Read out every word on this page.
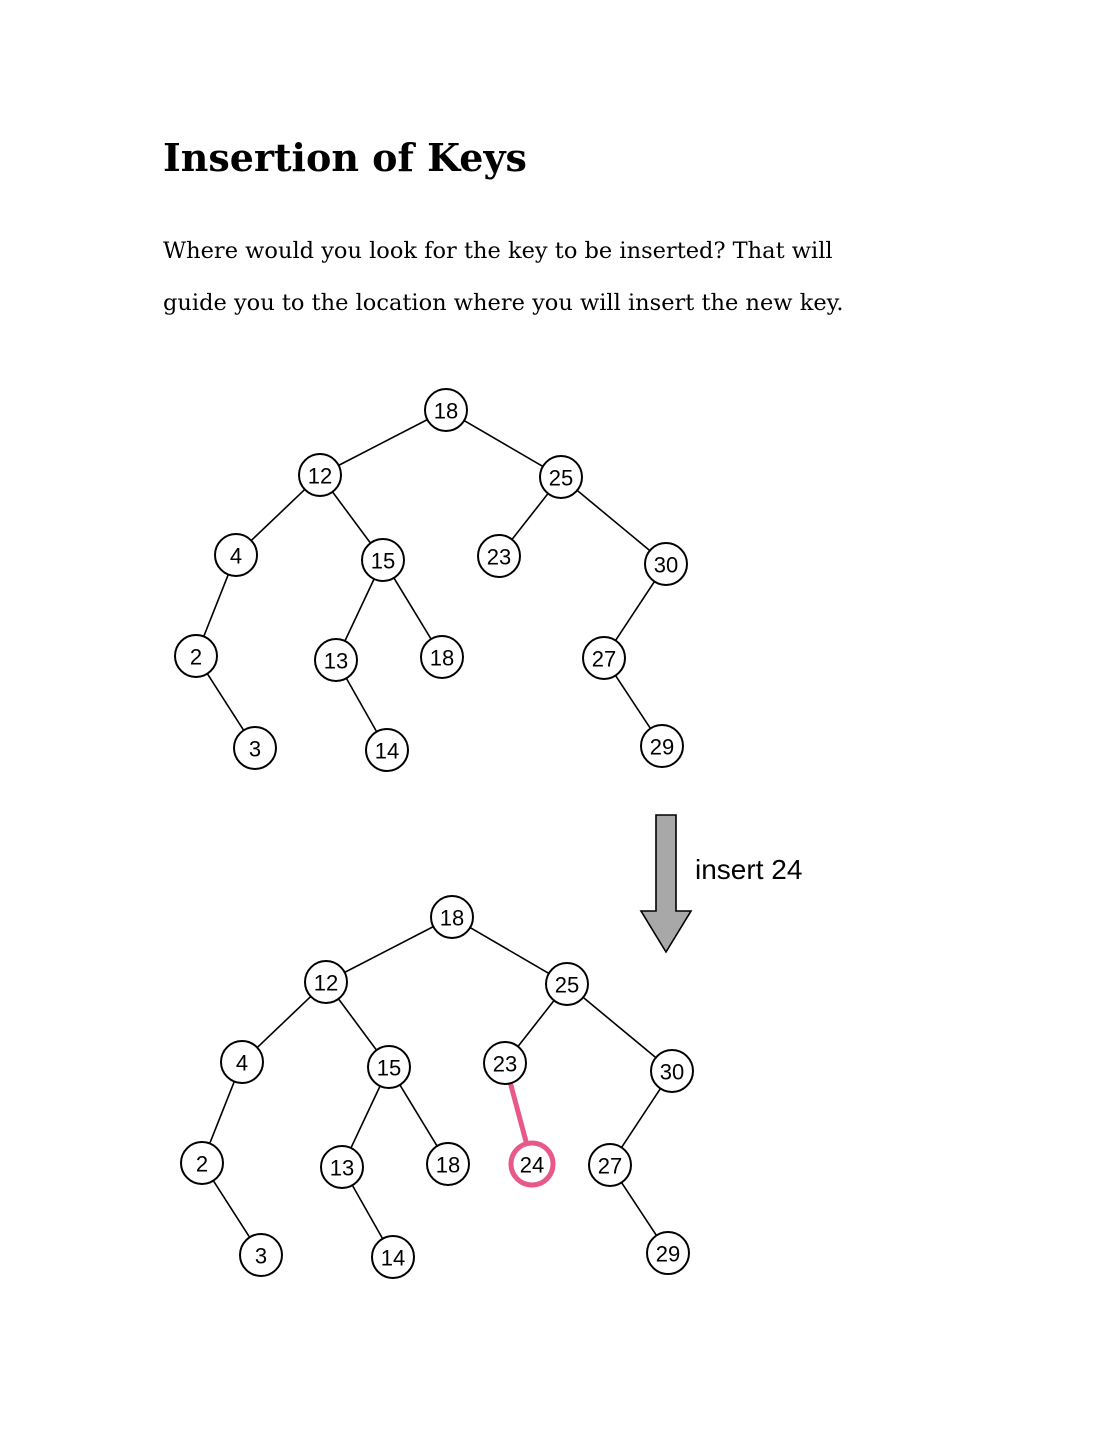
Insertion of Keys

Where would you look for the key to be inserted? That will
guide you to the location where you will insert the new key.

18
12	25
4	15	23	30
2	13	18	27
3	14	29
18
12	25
4	15	23	30
2	13	18	24 27
3	14	29
insert 24
